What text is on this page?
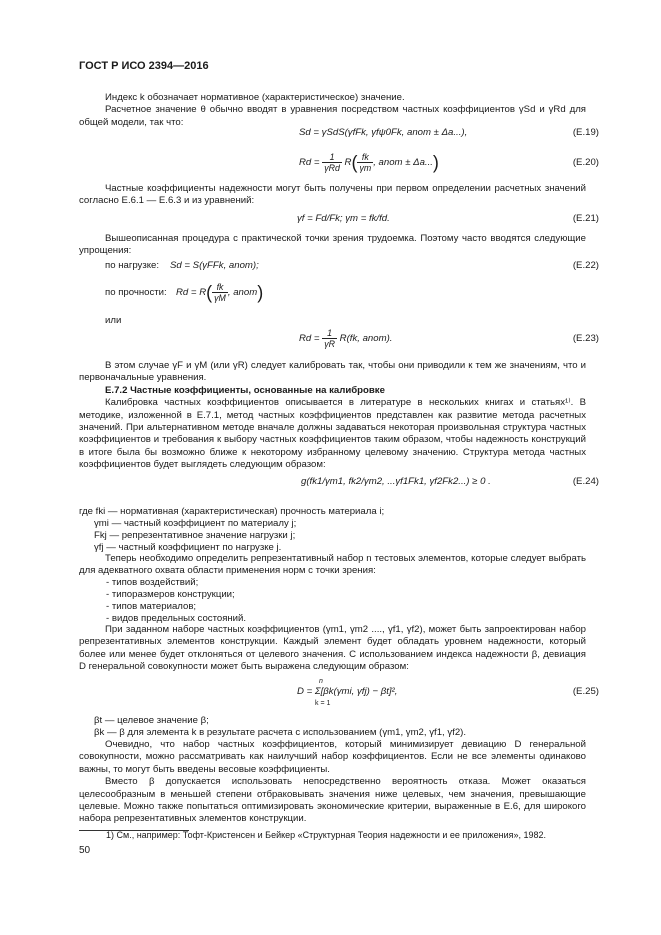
ГОСТ Р ИСО 2394—2016

Индекс k обозначает нормативное (характеристическое) значение.

Расчетное значение θ обычно вводят в уравнения посредством частных коэффициентов γSd и γRd для общей модели, так что:

Sd = γSdS(γfFk, γfψ0Fk, anom ± Δa...),	(E.19)
$Rd = \frac{1}{\text{γRd}} R( \frac{fk}{\gamma m}$ , anom ± Δa...)	(E.20)

Частные коэффициенты надежности могут быть получены при первом определении расчетных значений согласно Е.6.1 — Е.6.3 и из уравнений:

γf = Fd/Fk; γm = fk/fd.	(E.21)

Вышеописанная процедура с практической точки зрения трудоемка. Поэтому часто вводятся следующие упрощения:

по нагрузке: Sd = S(γFFk, anom);	(E.22)
по прочности: $Rd = R( \frac{fk}{\gamma M}$ , anom)
или
$Rd = \frac{1}{\gamma R} R(fk$, anom).	(E.23)

В этом случае γF и γM (или γR) следует калибровать так, чтобы они приводили к тем же значениям, что и первоначальные уравнения.

Е.7.2 Частные коэффициенты, основанные на калибровке

Калибровка частных коэффициентов описывается в литературе в нескольких книгах и статьях¹⁾. В методике, изложенной в Е.7.1, метод частных коэффициентов представлен как развитие метода расчетных значений. При альтернативном методе вначале должны задаваться некоторая произвольная структура частных коэффициентов и требования к выбору частных коэффициентов таким образом, чтобы надежность конструкций в итоге была бы возможно ближе к некоторому избранному целевому значению. Структура метода частных коэффициентов будет выглядеть следующим образом:

g(fk1/γm1, fk2/γm2, ...γf1Fk1, γf2Fk2...) ≥ 0 .	(E.24)
где fki — нормативная (характеристическая) прочность материала i;
γmi — частный коэффициент по материалу j;
Fkj — репрезентативное значение нагрузки j;
γfj — частный коэффициент по нагрузке j.

Теперь необходимо определить репрезентативный набор n тестовых элементов, которые следует выбрать для адекватного охвата области применения норм с точки зрения:

- типов воздействий;
- типоразмеров конструкции;
- типов материалов;
- видов предельных состояний.

При заданном наборе частных коэффициентов (γm1, γm2 ...., γf1, γf2), может быть запроектирован набор репрезентативных элементов конструкции. Каждый элемент будет обладать уровнем надежности, который более или менее будет отклоняться от целевого значения. С использованием индекса надежности β, девиация D генеральной совокупности может быть выражена следующим образом:

D = Σ[βk(γmi, γfj) − βt]²,
n
k = 1
(E.25)
βt — целевое значение β;
βk — β для элемента k в результате расчета с использованием (γm1, γm2, γf1, γf2).

Очевидно, что набор частных коэффициентов, который минимизирует девиацию D генеральной совокупности, можно рассматривать как наилучший набор коэффициентов. Если не все элементы одинаково важны, то могут быть введены весовые коэффициенты.

Вместо β допускается использовать непосредственно вероятность отказа. Может оказаться целесообразным в меньшей степени отбраковывать значения ниже целевых, чем значения, превышающие целевые. Можно также попытаться оптимизировать экономические критерии, выраженные в Е.6, для широкого набора репрезентативных элементов конструкции.

1) См., например: Тофт-Кристенсен и Бейкер «Структурная Теория надежности и ее приложения», 1982.
50
